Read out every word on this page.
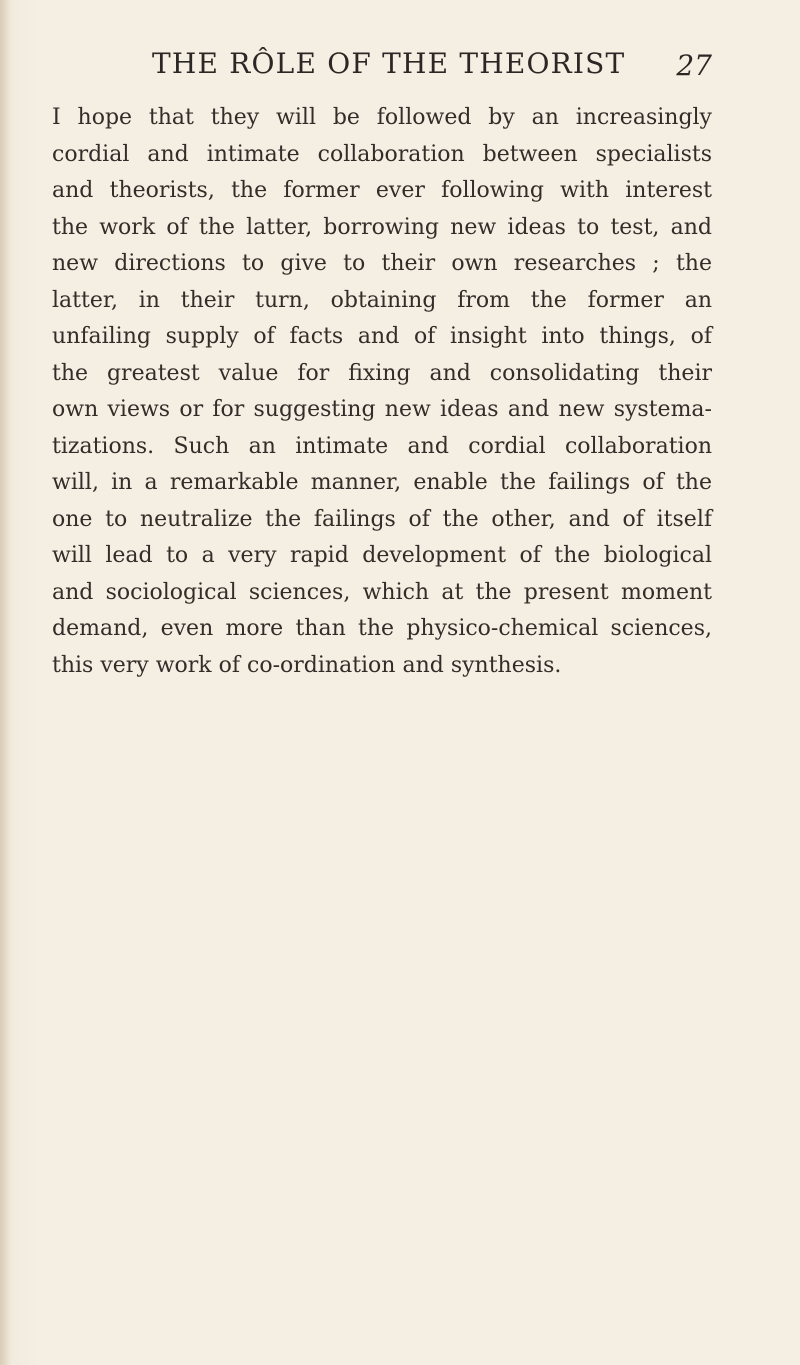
THE RÔLE OF THE THEORIST 27
I hope that they will be followed by an increasingly
cordial and intimate collaboration between specialists
and theorists, the former ever following with interest
the work of the latter, borrowing new ideas to test, and
new directions to give to their own researches ; the
latter, in their turn, obtaining from the former an
unfailing supply of facts and of insight into things, of
the greatest value for fixing and consolidating their
own views or for suggesting new ideas and new systema-
tizations. Such an intimate and cordial collaboration
will, in a remarkable manner, enable the failings of the
one to neutralize the failings of the other, and of itself
will lead to a very rapid development of the biological
and sociological sciences, which at the present moment
demand, even more than the physico-chemical sciences,
this very work of co-ordination and synthesis.
